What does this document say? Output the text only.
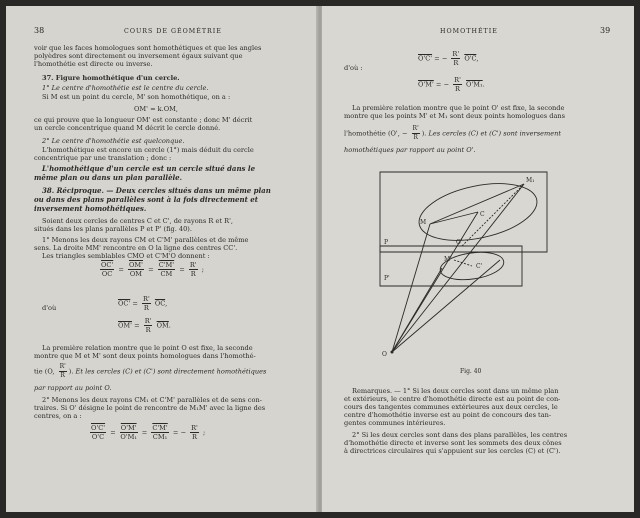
38	COURS DE GÉOMÉTRIE
voir que les faces homologues sont homothétiques et que les angles
polyèdres sont directement ou inversement égaux suivant que
l'homothétie est directe ou inverse.
37. Figure homothétique d'un cercle.
1° Le centre d'homothétie est le centre du cercle.
Si M est un point du cercle, M' son homothétique, on a :
OM' = k.OM,
ce qui prouve que la longueur OM' est constante ; donc M' décrit
un cercle concentrique quand M décrit le cercle donné.
2° Le centre d'homothétie est quelconque.
L'homothétique est encore un cercle (1°) mais déduit du cercle
concentrique par une translation ; donc :
L'homothétique d'un cercle est un cercle situé dans le
même plan ou dans un plan parallèle.
38. Réciproque. — Deux cercles situés dans un même plan
ou dans des plans parallèles sont à la fois directement et
inversement homothétiques.
Soient deux cercles de centres C et C', de rayons R et R',
situés dans les plans parallèles P et P' (fig. 40).
1° Menons les deux rayons CM et C'M' parallèles et de même
sens. La droite MM' rencontre en O la ligne des centres CC'.
Les triangles semblables CMO et C'M'O donnent :
$\frac{OC'}{OC} = \frac{OM'}{OM} = \frac{C'M'}{CM} = \frac{R'}{R}$ ;
d'où
$OC' = \frac{R'}{R} \overline{OC}$,
$OM' = \frac{R'}{R} \overline{OM}$.
La première relation montre que le point O est fixe, la seconde
montre que M et M' sont deux points homologues dans l'homothé-
tie (O, $\frac{R'}{R}$ ). Et les cercles (C) et (C') sont directement homothétiques
par rapport au point O.
2° Menons les deux rayons CM₁ et C'M' parallèles et de sens con-
traires. Si O' désigne le point de rencontre de M₁M' avec la ligne des
centres, on a :
$\frac{O'C'}{O'C} = \frac{O'M'}{\text{O'M₁}} = \frac{C'M'}{\text{CM₁}}$ = − $\frac{R'}{R}$ ;
HOMOTHÉTIE	39
d'où :
O'C' = − $\frac{R'}{R} O'C$,
O'M' = − $\frac{R'}{R} O'M_1$.
La première relation montre que le point O' est fixe, la seconde
montre que les points M' et M₁ sont deux points homologues dans
l'homothétie (O', − $\frac{R'}{R}$ ). Les cercles (C) et (C') sont inversement
homothétiques par rapport au point O'.
M₁
M
C
P
P'
M'
C'
O'
O
Fig. 40
Remarques. — 1° Si les deux cercles sont dans un même plan
et extérieurs, le centre d'homothétie directe est au point de con-
cours des tangentes communes extérieures aux deux cercles, le
centre d'homothétie inverse est au point de concours des tan-
gentes communes intérieures.
2° Si les deux cercles sont dans des plans parallèles, les centres
d'homothétie directe et inverse sont les sommets des deux cônes
à directrices circulaires qui s'appuient sur les cercles (C) et (C').
